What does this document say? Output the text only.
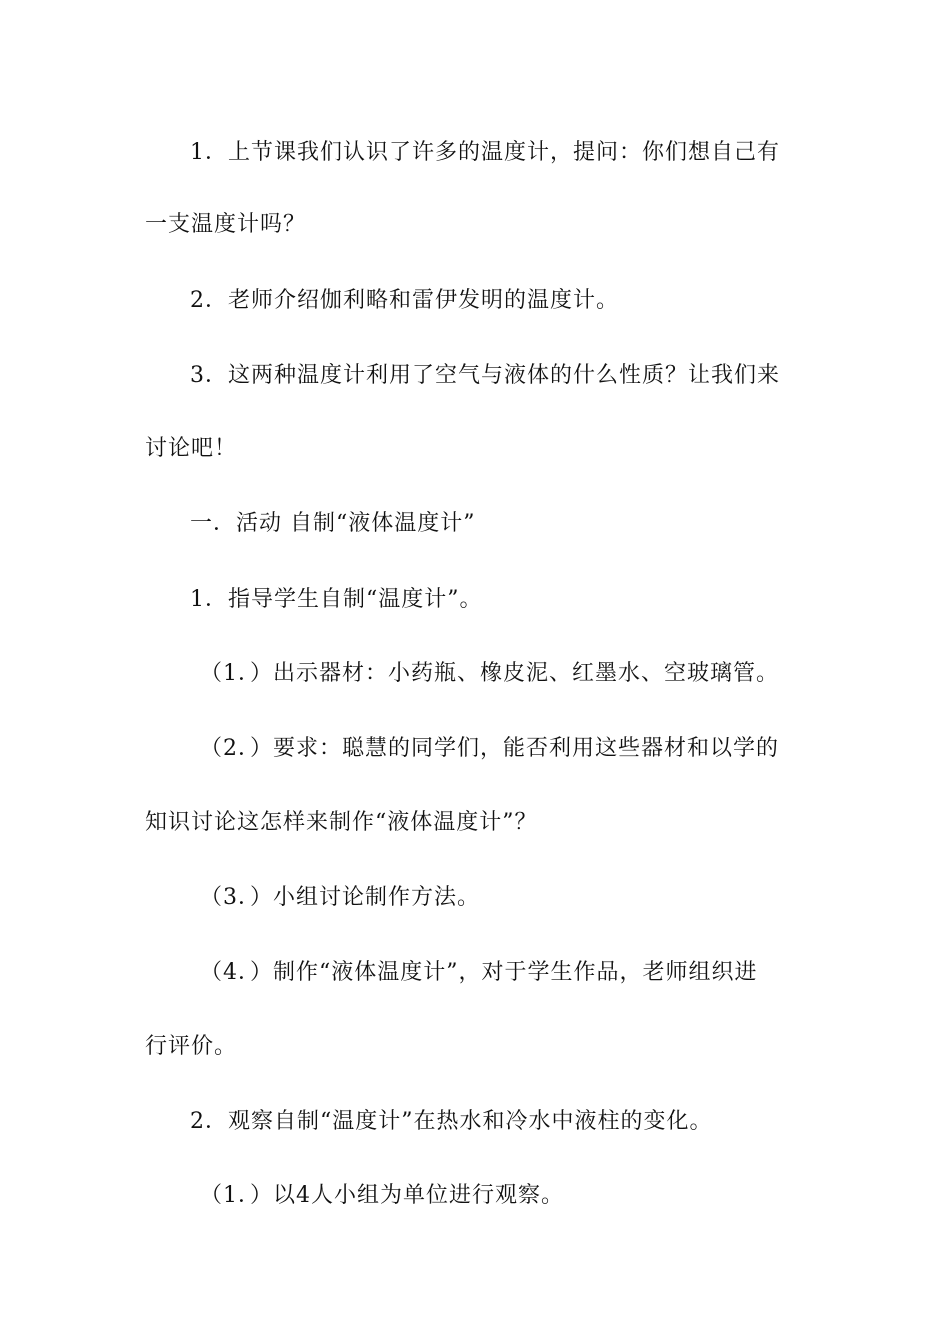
1．上节课我们认识了许多的温度计，提问：你们想自己有
一支温度计吗？
2．老师介绍伽利略和雷伊发明的温度计。
3．这两种温度计利用了空气与液体的什么性质？让我们来
讨论吧！
一．活动 自制“液体温度计”
1．指导学生自制“温度计”。
（1．）出示器材：小药瓶、橡皮泥、红墨水、空玻璃管。
（2．）要求：聪慧的同学们，能否利用这些器材和以学的
知识讨论这怎样来制作“液体温度计”？
（3．）小组讨论制作方法。
（4．）制作“液体温度计”，对于学生作品，老师组织进
行评价。
2．观察自制“温度计”在热水和冷水中液柱的变化。
（1．）以4人小组为单位进行观察。
